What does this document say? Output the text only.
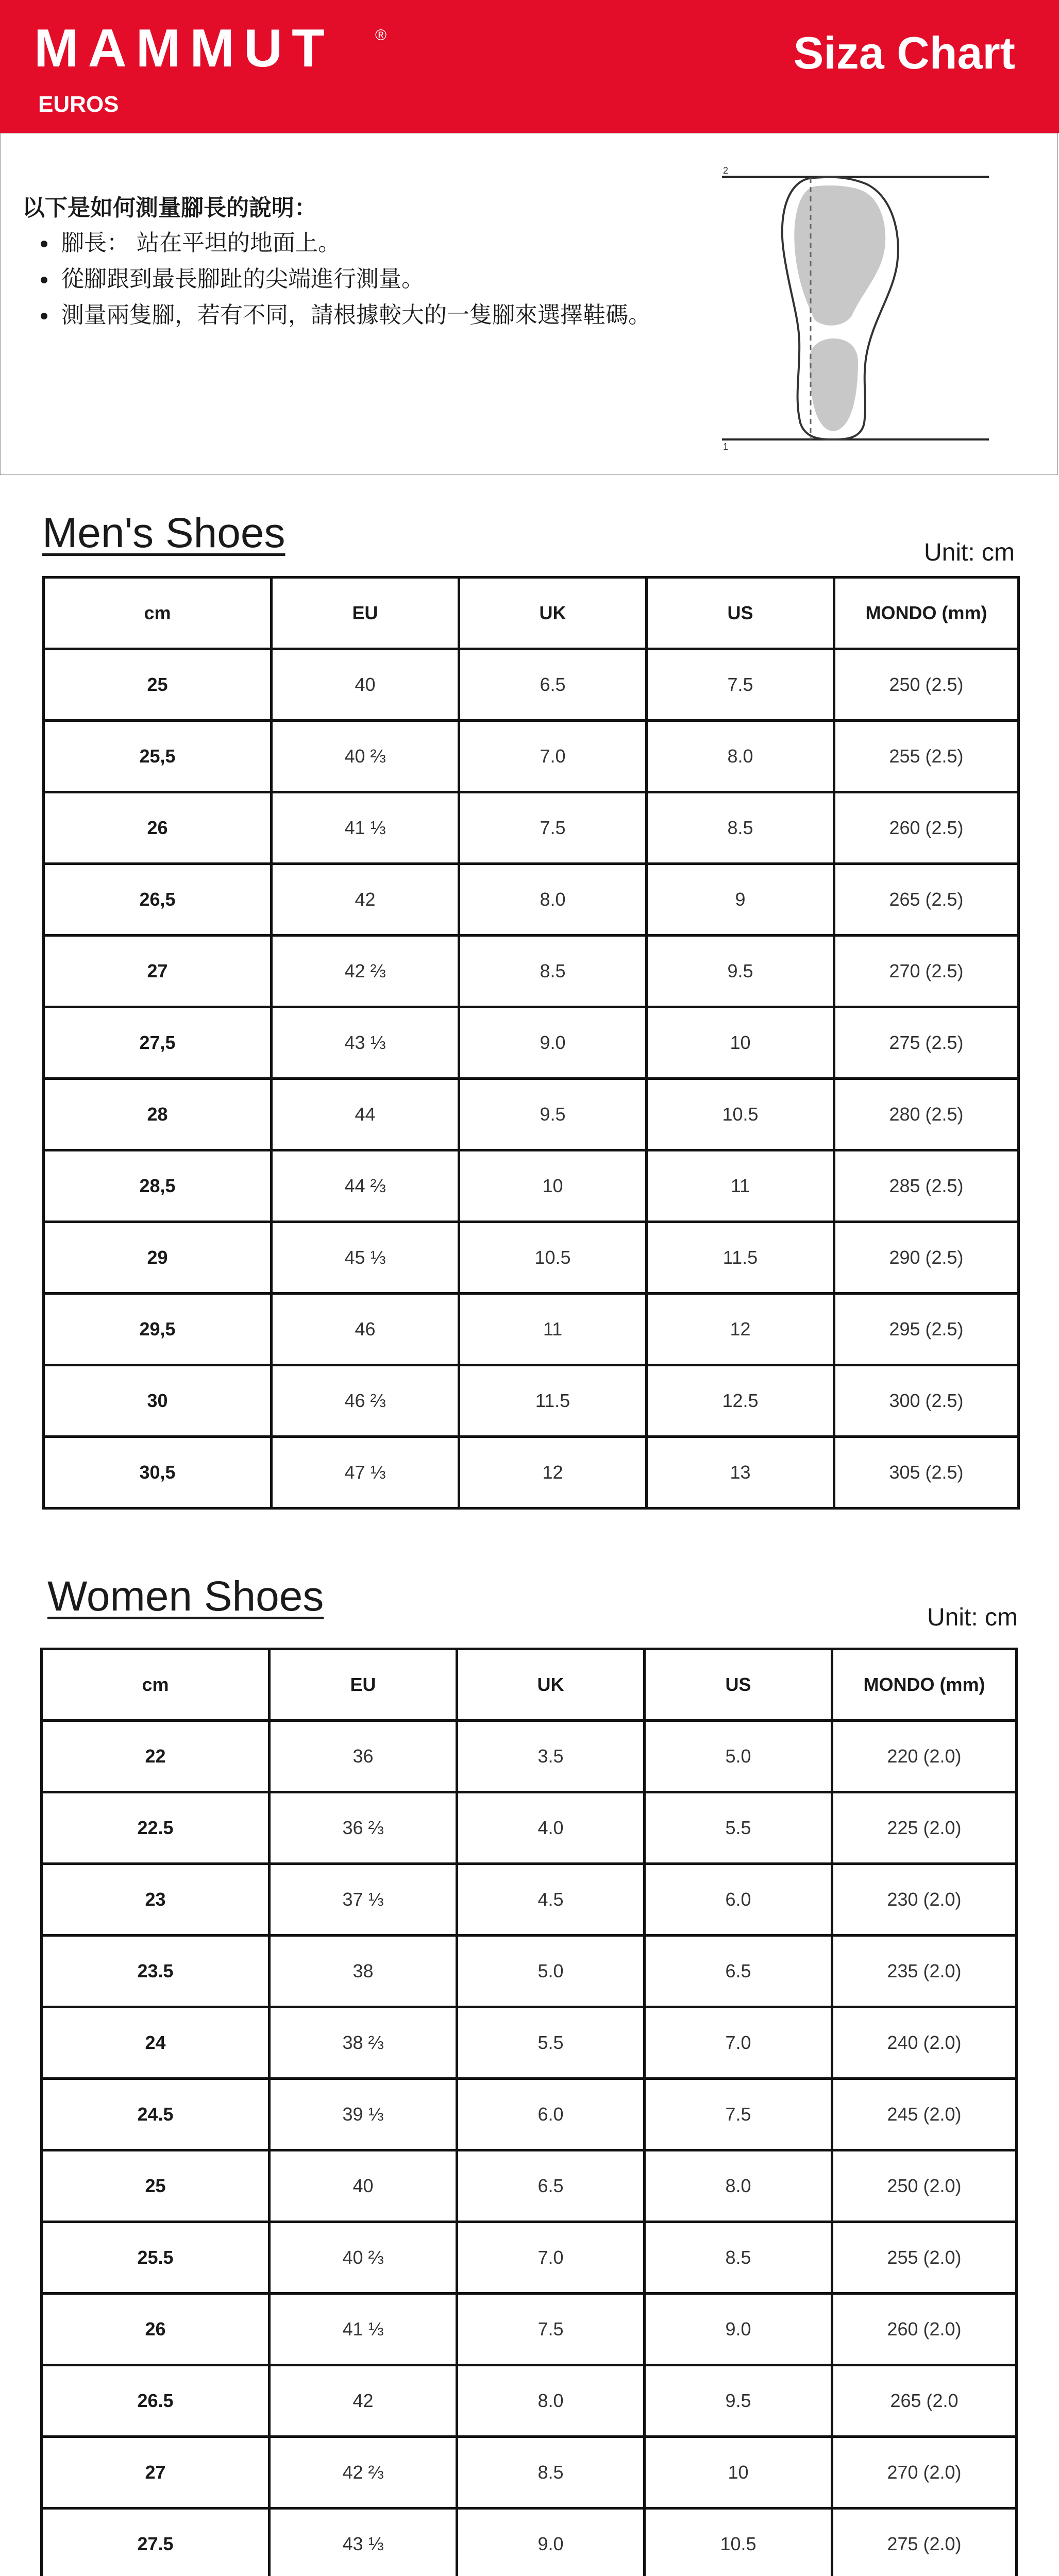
MAMMUT	®
EUROS
Siza Chart
以下是如何測量腳長的說明：
腳長： 站在平坦的地面上。
從腳跟到最長腳趾的尖端進行測量。
測量兩隻腳，若有不同，請根據較大的一隻腳來選擇鞋碼。
2
1
Men's Shoes	Unit: cm
cm	EU	UK	US	MONDO (mm)
25	40	6.5	7.5	250 (2.5)
25,5	40 ⅔	7.0	8.0	255 (2.5)
26	41 ⅓	7.5	8.5	260 (2.5)
26,5	42	8.0	9	265 (2.5)
27	42 ⅔	8.5	9.5	270 (2.5)
27,5	43 ⅓	9.0	10	275 (2.5)
28	44	9.5	10.5	280 (2.5)
28,5	44 ⅔	10	11	285 (2.5)
29	45 ⅓	10.5	11.5	290 (2.5)
29,5	46	11	12	295 (2.5)
30	46 ⅔	11.5	12.5	300 (2.5)
30,5	47 ⅓	12	13	305 (2.5)
Women Shoes	Unit: cm
cm	EU	UK	US	MONDO (mm)
22	36	3.5	5.0	220 (2.0)
22.5	36 ⅔	4.0	5.5	225 (2.0)
23	37 ⅓	4.5	6.0	230 (2.0)
23.5	38	5.0	6.5	235 (2.0)
24	38 ⅔	5.5	7.0	240 (2.0)
24.5	39 ⅓	6.0	7.5	245 (2.0)
25	40	6.5	8.0	250 (2.0)
25.5	40 ⅔	7.0	8.5	255 (2.0)
26	41 ⅓	7.5	9.0	260 (2.0)
26.5	42	8.0	9.5	265 (2.0
27	42 ⅔	8.5	10	270 (2.0)
27.5	43 ⅓	9.0	10.5	275 (2.0)
